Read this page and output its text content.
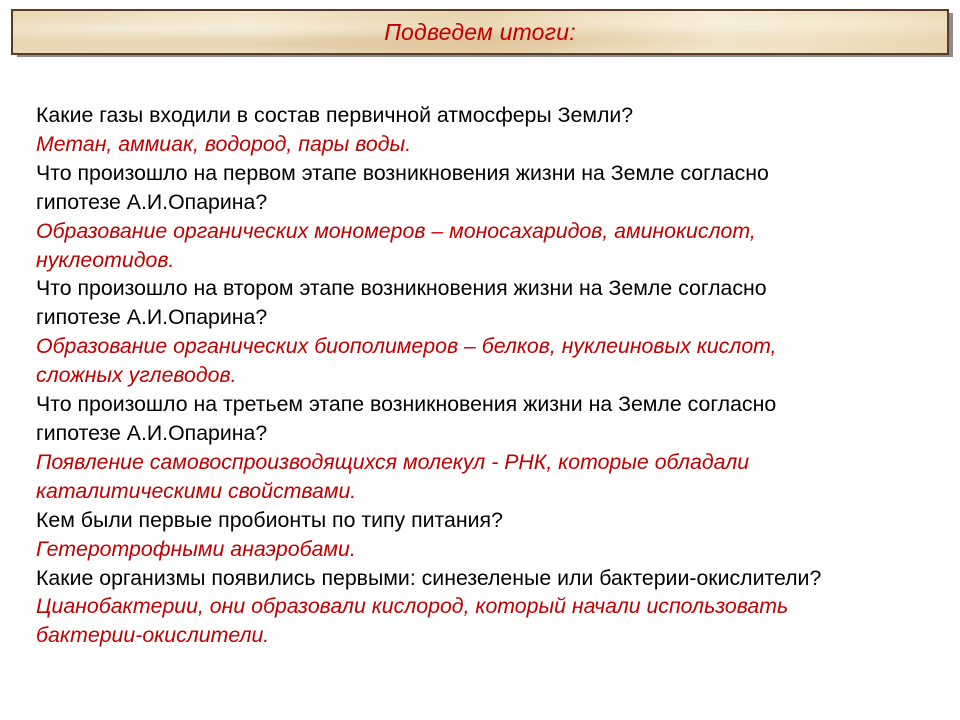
Подведем итоги:

Какие газы входили в состав первичной атмосферы Земли?

Метан, аммиак, водород, пары воды.

Что произошло на первом этапе возникновения жизни на Земле согласно

гипотезе А.И.Опарина?

Образование органических мономеров – моносахаридов, аминокислот,

нуклеотидов.

Что произошло на втором этапе возникновения жизни на Земле согласно

гипотезе А.И.Опарина?

Образование органических биополимеров – белков, нуклеиновых кислот,

сложных углеводов.

Что произошло на третьем этапе возникновения жизни на Земле согласно

гипотезе А.И.Опарина?

Появление самовоспроизводящихся молекул - РНК, которые обладали

каталитическими свойствами.

Кем были первые пробионты по типу питания?

Гетеротрофными анаэробами.

Какие организмы появились первыми: синезеленые или бактерии-окислители?

Цианобактерии, они образовали кислород, который начали использовать

бактерии-окислители.
